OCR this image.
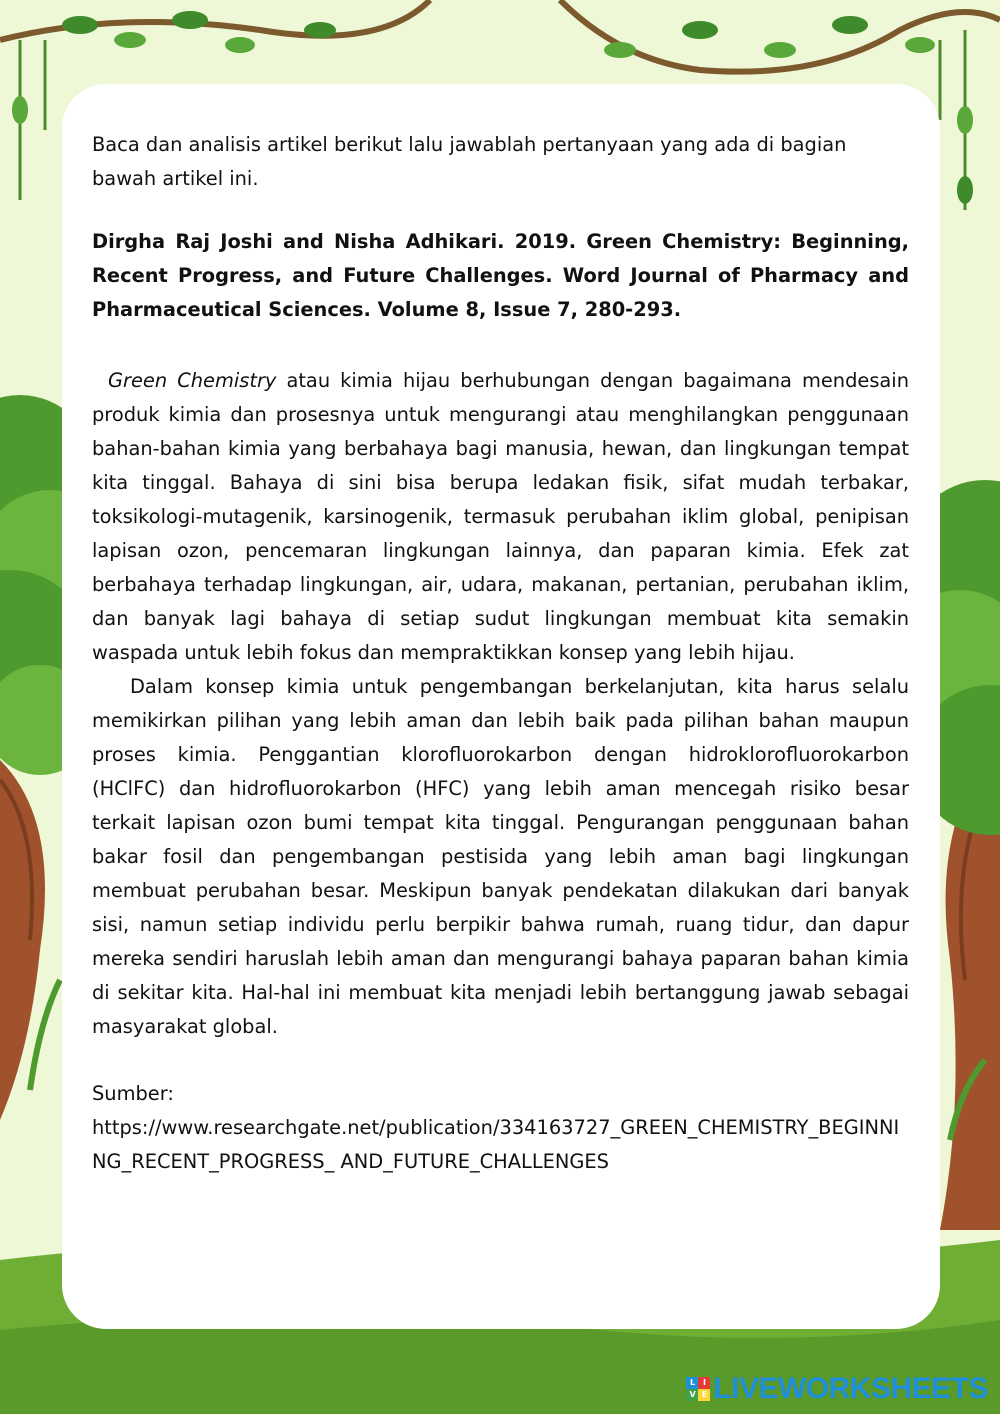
Baca dan analisis artikel berikut lalu jawablah pertanyaan yang ada di bagian bawah artikel ini.

Dirgha Raj Joshi and Nisha Adhikari. 2019. Green Chemistry: Beginning, Recent Progress, and Future Challenges. Word Journal of Pharmacy and Pharmaceutical Sciences. Volume 8, Issue 7, 280-293.

Green Chemistry atau kimia hijau berhubungan dengan bagaimana mendesain produk kimia dan prosesnya untuk mengurangi atau menghilangkan penggunaan bahan-bahan kimia yang berbahaya bagi manusia, hewan, dan lingkungan tempat kita tinggal. Bahaya di sini bisa berupa ledakan fisik, sifat mudah terbakar, toksikologi-mutagenik, karsinogenik, termasuk perubahan iklim global, penipisan lapisan ozon, pencemaran lingkungan lainnya, dan paparan kimia. Efek zat berbahaya terhadap lingkungan, air, udara, makanan, pertanian, perubahan iklim, dan banyak lagi bahaya di setiap sudut lingkungan membuat kita semakin waspada untuk lebih fokus dan mempraktikkan konsep yang lebih hijau.

Dalam konsep kimia untuk pengembangan berkelanjutan, kita harus selalu memikirkan pilihan yang lebih aman dan lebih baik pada pilihan bahan maupun proses kimia. Penggantian klorofluorokarbon dengan hidroklorofluorokarbon (HClFC) dan hidrofluorokarbon (HFC) yang lebih aman mencegah risiko besar terkait lapisan ozon bumi tempat kita tinggal. Pengurangan penggunaan bahan bakar fosil dan pengembangan pestisida yang lebih aman bagi lingkungan membuat perubahan besar. Meskipun banyak pendekatan dilakukan dari banyak sisi, namun setiap individu perlu berpikir bahwa rumah, ruang tidur, dan dapur mereka sendiri haruslah lebih aman dan mengurangi bahaya paparan bahan kimia di sekitar kita. Hal-hal ini membuat kita menjadi lebih bertanggung jawab sebagai masyarakat global.

Sumber:
https://www.researchgate.net/publication/334163727_GREEN_CHEMISTRY_BEGINNING_RECENT_PROGRESS_ AND_FUTURE_CHALLENGES
L	I
V E LIVEWORKSHEETS
